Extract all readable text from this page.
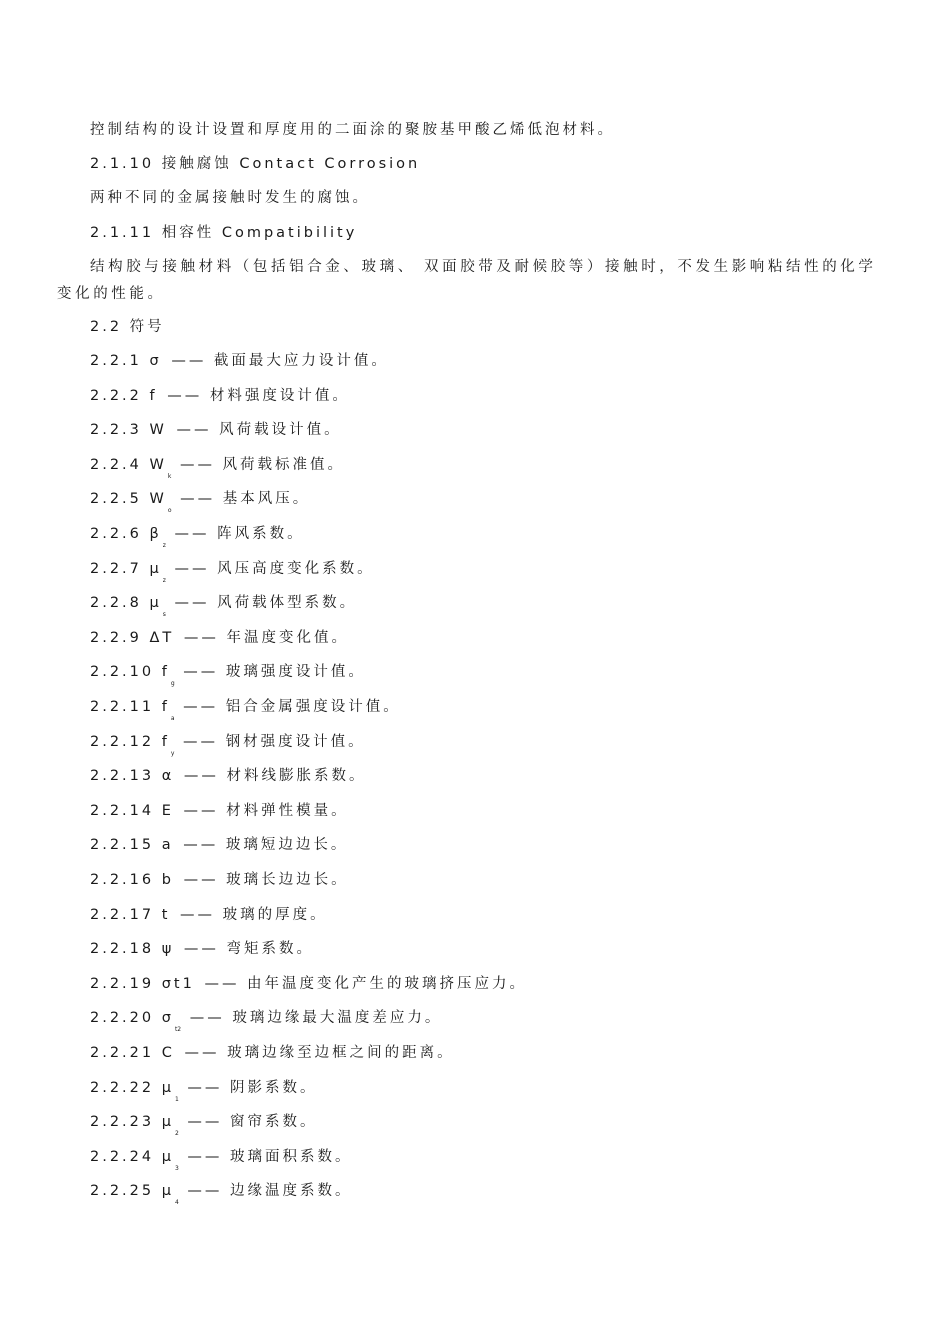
控制结构的设计设置和厚度用的二面涂的聚胺基甲酸乙烯低泡材料。
2.1.10 接触腐蚀 Contact Corrosion
两种不同的金属接触时发生的腐蚀。
2.1.11 相容性 Compatibility
结构胶与接触材料（包括铝合金、玻璃、 双面胶带及耐候胶等）接触时，不发生影响粘结性的化学变化的性能。
2.2 符号
2.2.1 σ —— 截面最大应力设计值。
2.2.2 f —— 材料强度设计值。
2.2.3 W —— 风荷载设计值。
2.2.4 $W_k$ —— 风荷载标准值。
2.2.5 $W_o$ —— 基本风压。
2.2.6 $\beta_z$ —— 阵风系数。
2.2.7 $\mu_z$ —— 风压高度变化系数。
2.2.8 $\mu_s$ —— 风荷载体型系数。
2.2.9 ΔT —— 年温度变化值。
2.2.10 $f_g$ —— 玻璃强度设计值。
2.2.11 $f_a$ —— 铝合金属强度设计值。
2.2.12 $f_y$ —— 钢材强度设计值。
2.2.13 α —— 材料线膨胀系数。
2.2.14 E —— 材料弹性模量。
2.2.15 a —— 玻璃短边边长。
2.2.16 b —— 玻璃长边边长。
2.2.17 t —— 玻璃的厚度。
2.2.18 ψ —— 弯矩系数。
2.2.19 σt1 —— 由年温度变化产生的玻璃挤压应力。
2.2.20 $\sigma_{t2}$ —— 玻璃边缘最大温度差应力。
2.2.21 C —— 玻璃边缘至边框之间的距离。
2.2.22 $\mu_1$ —— 阴影系数。
2.2.23 $\mu_2$ —— 窗帘系数。
2.2.24 $\mu_3$ —— 玻璃面积系数。
2.2.25 $\mu_4$ —— 边缘温度系数。
